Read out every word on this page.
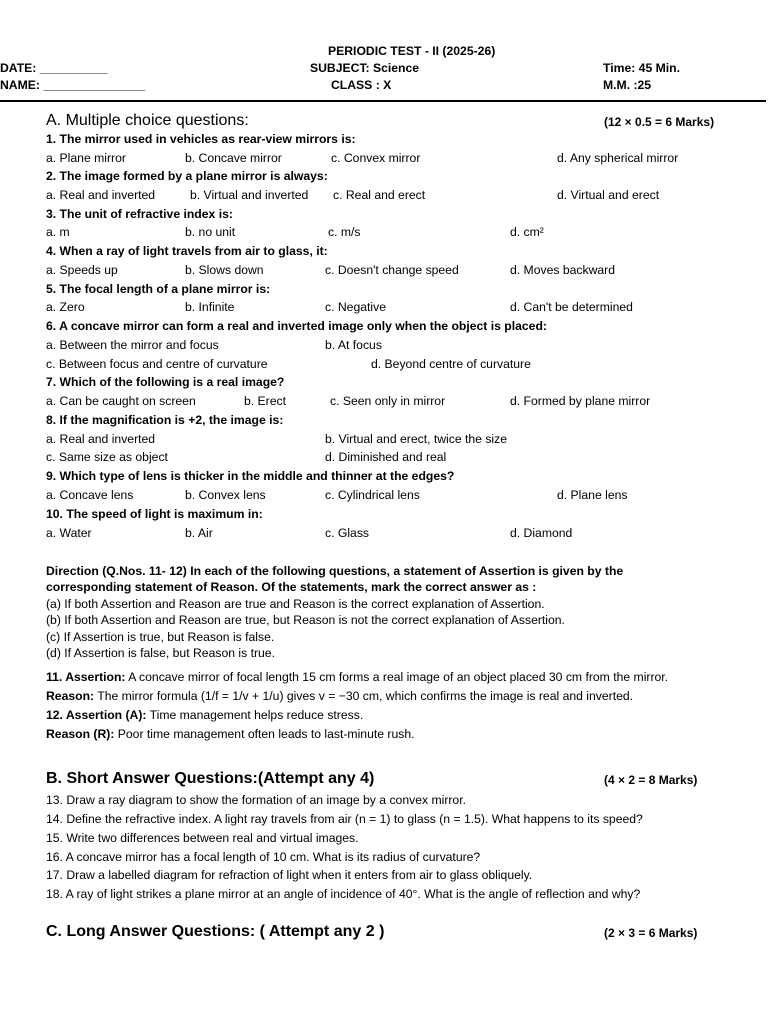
PERIODIC TEST - II (2025-26)
DATE: __________	SUBJECT: Science	Time: 45 Min.
NAME: _______________	CLASS : X	M.M. :25
A. Multiple choice questions:	(12 × 0.5 = 6 Marks)
1. The mirror used in vehicles as rear-view mirrors is:
a. Plane mirror	b. Concave mirror	c. Convex mirror	d. Any spherical mirror
2. The image formed by a plane mirror is always:
a. Real and inverted	b. Virtual and inverted c. Real and erect	d. Virtual and erect
3. The unit of refractive index is:
a. m	b. no unit	c. m/s	d. cm²
4. When a ray of light travels from air to glass, it:
a. Speeds up	b. Slows down	c. Doesn't change speed	d. Moves backward
5. The focal length of a plane mirror is:
a. Zero	b. Infinite	c. Negative	d. Can't be determined
6. A concave mirror can form a real and inverted image only when the object is placed:
a. Between the mirror and focus	b. At focus
c. Between focus and centre of curvature	d. Beyond centre of curvature
7. Which of the following is a real image?
a. Can be caught on screen	b. Erect	c. Seen only in mirror	d. Formed by plane mirror
8. If the magnification is +2, the image is:
a. Real and inverted	b. Virtual and erect, twice the size
c. Same size as object	d. Diminished and real
9. Which type of lens is thicker in the middle and thinner at the edges?
a. Concave lens	b. Convex lens	c. Cylindrical lens	d. Plane lens
10. The speed of light is maximum in:
a. Water	b. Air	c. Glass	d. Diamond
Direction (Q.Nos. 11- 12) In each of the following questions, a statement of Assertion is given by the
corresponding statement of Reason. Of the statements, mark the correct answer as :
(a) If both Assertion and Reason are true and Reason is the correct explanation of Assertion.
(b) If both Assertion and Reason are true, but Reason is not the correct explanation of Assertion.
(c) If Assertion is true, but Reason is false.
(d) If Assertion is false, but Reason is true.
11. Assertion: A concave mirror of focal length 15 cm forms a real image of an object placed 30 cm from the mirror.
Reason: The mirror formula (1/f = 1/v + 1/u) gives v = −30 cm, which confirms the image is real and inverted.
12. Assertion (A): Time management helps reduce stress.
Reason (R): Poor time management often leads to last-minute rush.
B. Short Answer Questions:(Attempt any 4)	(4 × 2 = 8 Marks)
13. Draw a ray diagram to show the formation of an image by a convex mirror.
14. Define the refractive index. A light ray travels from air (n = 1) to glass (n = 1.5). What happens to its speed?
15. Write two differences between real and virtual images.
16. A concave mirror has a focal length of 10 cm. What is its radius of curvature?
17. Draw a labelled diagram for refraction of light when it enters from air to glass obliquely.
18. A ray of light strikes a plane mirror at an angle of incidence of 40°. What is the angle of reflection and why?
C. Long Answer Questions: ( Attempt any 2 )	(2 × 3 = 6 Marks)
